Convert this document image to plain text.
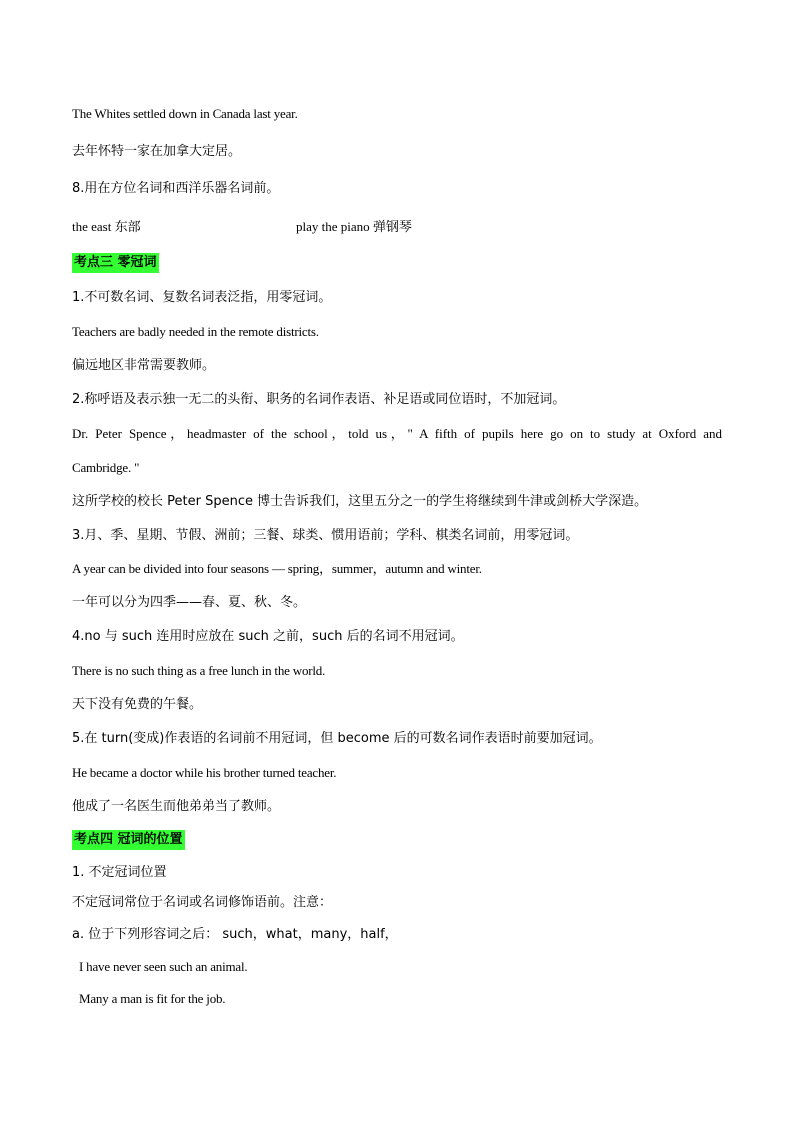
The Whites settled down in Canada last year.
去年怀特一家在加拿大定居。
8.用在方位名词和西洋乐器名词前。
the east 东部	play the piano 弹钢琴
考点三 零冠词
1.不可数名词、复数名词表泛指，用零冠词。
Teachers are badly needed in the remote districts.
偏远地区非常需要教师。
2.称呼语及表示独一无二的头衔、职务的名词作表语、补足语或同位语时，不加冠词。
Dr. Peter Spence，headmaster of the school，told us，" A fifth of pupils here go on to study at Oxford and
Cambridge. "
这所学校的校长 Peter Spence 博士告诉我们，这里五分之一的学生将继续到牛津或剑桥大学深造。
3.月、季、星期、节假、洲前；三餐、球类、惯用语前；学科、棋类名词前，用零冠词。
A year can be divided into four seasons — spring，summer，autumn and winter.
一年可以分为四季——春、夏、秋、冬。
4.no 与 such 连用时应放在 such 之前，such 后的名词不用冠词。
There is no such thing as a free lunch in the world.
天下没有免费的午餐。
5.在 turn(变成)作表语的名词前不用冠词，但 become 后的可数名词作表语时前要加冠词。
He became a doctor while his brother turned teacher.
他成了一名医生而他弟弟当了教师。
考点四 冠词的位置
1. 不定冠词位置
不定冠词常位于名词或名词修饰语前。注意：
a. 位于下列形容词之后： such，what，many，half，
I have never seen such an animal.
Many a man is fit for the job.
